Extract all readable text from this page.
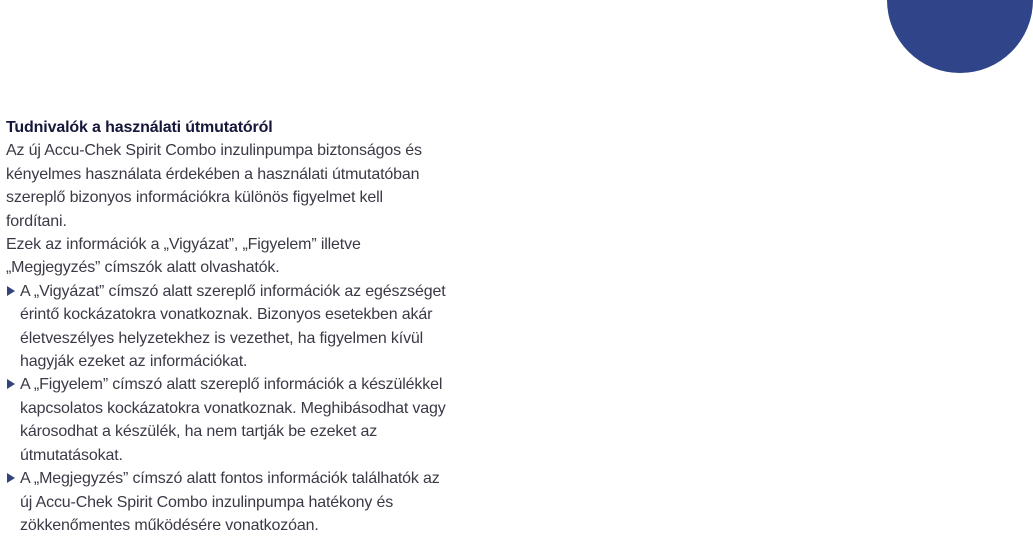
Tudnivalók a használati útmutatóról

Az új Accu-Chek Spirit Combo inzulinpumpa biztonságos és kényelmes használata érdekében a használati útmutatóban szereplő bizonyos információkra különös figyelmet kell fordítani.

Ezek az információk a „Vigyázat”, „Figyelem” illetve „Megjegyzés” címszók alatt olvashatók.

A „Vigyázat” címszó alatt szereplő információk az egészséget érintő kockázatokra vonatkoznak. Bizonyos esetekben akár életveszélyes helyzetekhez is vezethet, ha figyelmen kívül hagyják ezeket az információkat.
A „Figyelem” címszó alatt szereplő információk a készülékkel kapcsolatos kockázatokra vonatkoznak. Meghibásodhat vagy károsodhat a készülék, ha nem tartják be ezeket az útmutatásokat.
A „Megjegyzés” címszó alatt fontos információk találhatók az új Accu-Chek Spirit Combo inzulinpumpa hatékony és zökkenőmentes működésére vonatkozóan.
